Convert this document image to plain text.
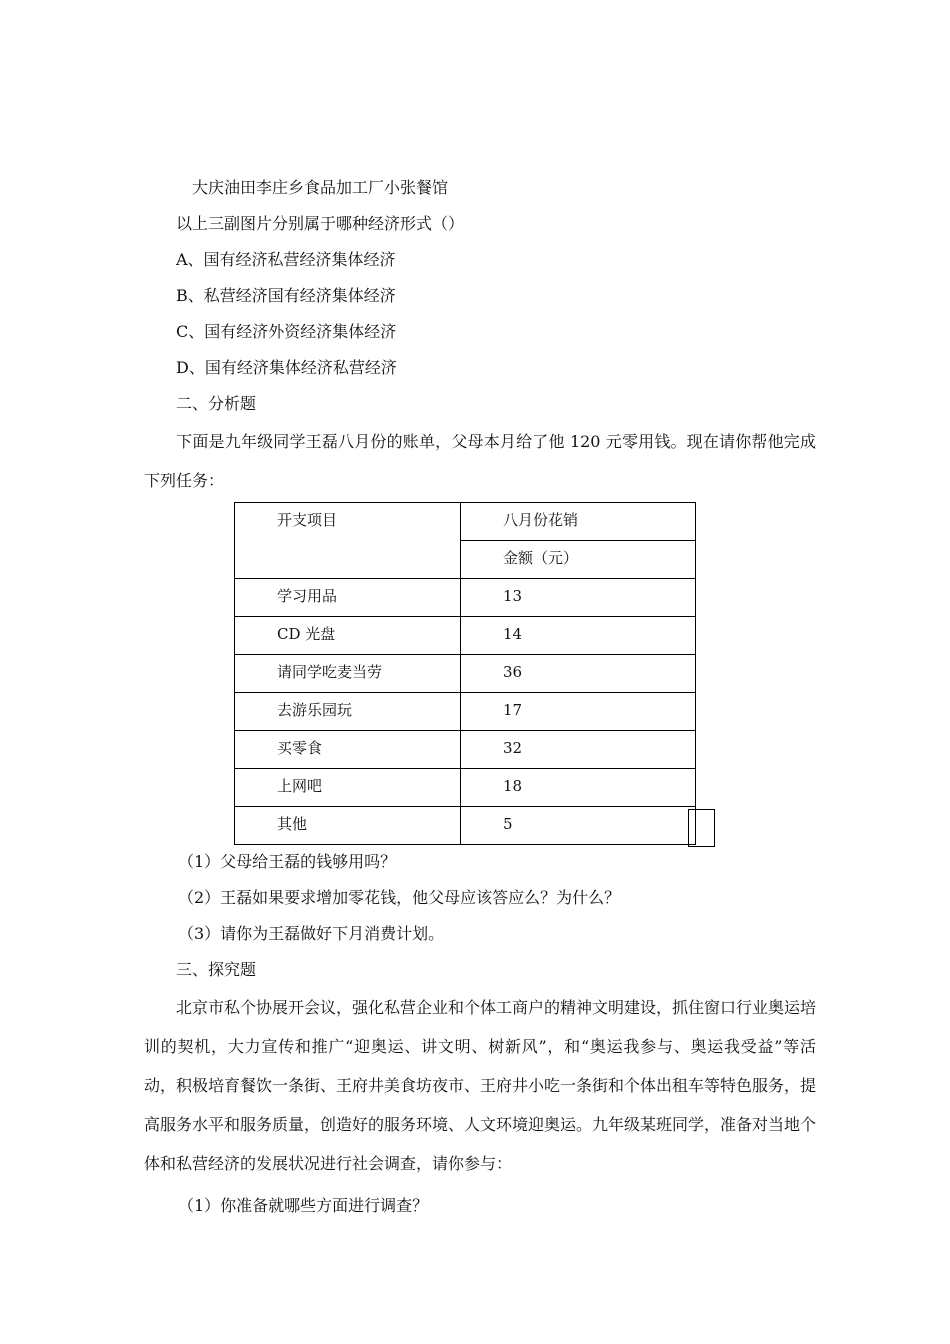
大庆油田李庄乡食品加工厂小张餐馆
以上三副图片分别属于哪种经济形式（）
A、国有经济私营经济集体经济
B、私营经济国有经济集体经济
C、国有经济外资经济集体经济
D、国有经济集体经济私营经济
二、分析题
下面是九年级同学王磊八月份的账单，父母本月给了他 120 元零用钱。现在请你帮他完成下列任务：
开支项目	八月份花销

	金额（元）

学习用品	13

CD 光盘	14

请同学吃麦当劳	36

去游乐园玩	17

买零食	32

上网吧	18

其他	5
（1）父母给王磊的钱够用吗？
（2）王磊如果要求增加零花钱，他父母应该答应么？为什么？
（3）请你为王磊做好下月消费计划。
三、探究题
北京市私个协展开会议，强化私营企业和个体工商户的精神文明建设，抓住窗口行业奥运培训的契机，大力宣传和推广“迎奥运、讲文明、树新风”，和“奥运我参与、奥运我受益”等活动，积极培育餐饮一条街、王府井美食坊夜市、王府井小吃一条街和个体出租车等特色服务，提高服务水平和服务质量，创造好的服务环境、人文环境迎奥运。九年级某班同学，准备对当地个体和私营经济的发展状况进行社会调查，请你参与：
（1）你准备就哪些方面进行调查？
